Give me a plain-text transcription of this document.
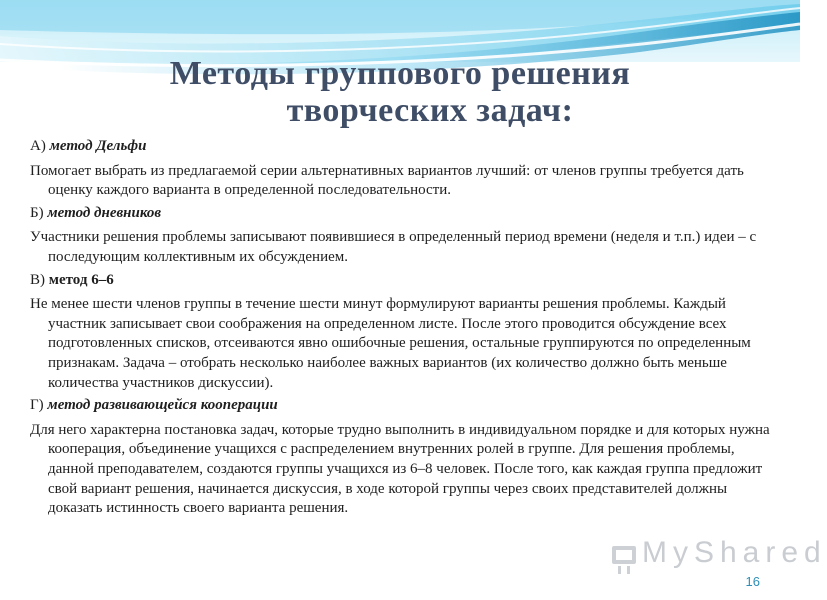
Методы группового решения
творческих задач:
А) метод Дельфи
Помогает выбрать из предлагаемой серии альтернативных вариантов лучший: от членов группы требуется дать оценку каждого варианта в определенной последовательности.
Б) метод дневников
Участники решения проблемы записывают появившиеся в определенный период времени (неделя и т.п.) идеи – с последующим коллективным их обсуждением.
В) метод 6–6
Не менее шести членов группы в течение шести минут формулируют варианты решения проблемы. Каждый участник записывает свои соображения на определенном листе. После этого проводится обсуждение всех подготовленных списков, отсеиваются явно ошибочные решения, остальные группируются по определенным признакам. Задача – отобрать несколько наиболее важных вариантов (их количество должно быть меньше количества участников дискуссии).
Г) метод развивающейся кооперации
Для него характерна постановка задач, которые трудно выполнить в индивидуальном порядке и для которых нужна кооперация, объединение учащихся с распределением внутренних ролей в группе. Для решения проблемы, данной преподавателем, создаются группы учащихся из 6–8 человек. После того, как каждая группа предложит свой вариант решения, начинается дискуссия, в ходе которой группы через своих представителей должны доказать истинность своего варианта решения.
MyShared
16
